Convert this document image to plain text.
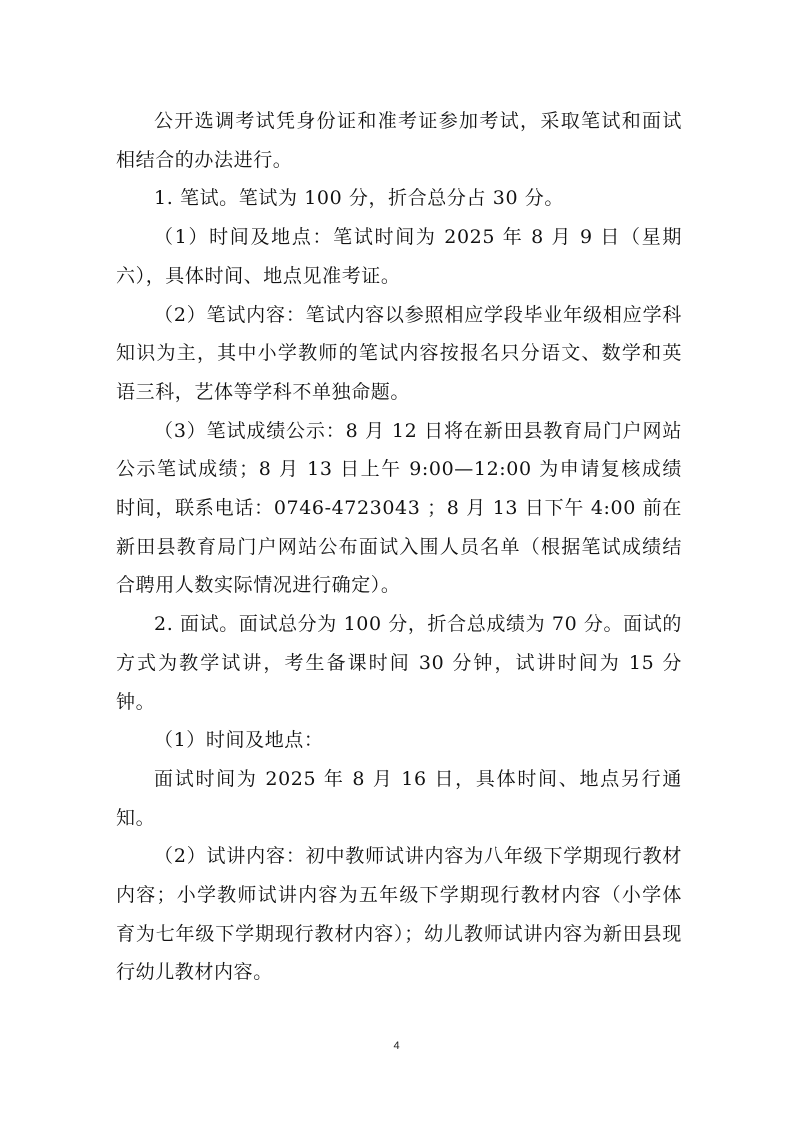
公开选调考试凭身份证和准考证参加考试，采取笔试和面试相结合的办法进行。

1. 笔试。笔试为 100 分，折合总分占 30 分。

（1）时间及地点：笔试时间为 2025 年 8 月 9 日（星期六），具体时间、地点见准考证。

（2）笔试内容：笔试内容以参照相应学段毕业年级相应学科知识为主，其中小学教师的笔试内容按报名只分语文、数学和英语三科，艺体等学科不单独命题。

（3）笔试成绩公示：8 月 12 日将在新田县教育局门户网站公示笔试成绩；8 月 13 日上午 9:00—12:00 为申请复核成绩时间，联系电话：0746-4723043 ；8 月 13 日下午 4:00 前在新田县教育局门户网站公布面试入围人员名单（根据笔试成绩结合聘用人数实际情况进行确定）。

2. 面试。面试总分为 100 分，折合总成绩为 70 分。面试的方式为教学试讲，考生备课时间 30 分钟，试讲时间为 15 分钟。

（1）时间及地点：

面试时间为 2025 年 8 月 16 日，具体时间、地点另行通知。

（2）试讲内容：初中教师试讲内容为八年级下学期现行教材内容；小学教师试讲内容为五年级下学期现行教材内容（小学体育为七年级下学期现行教材内容）；幼儿教师试讲内容为新田县现行幼儿教材内容。

4
